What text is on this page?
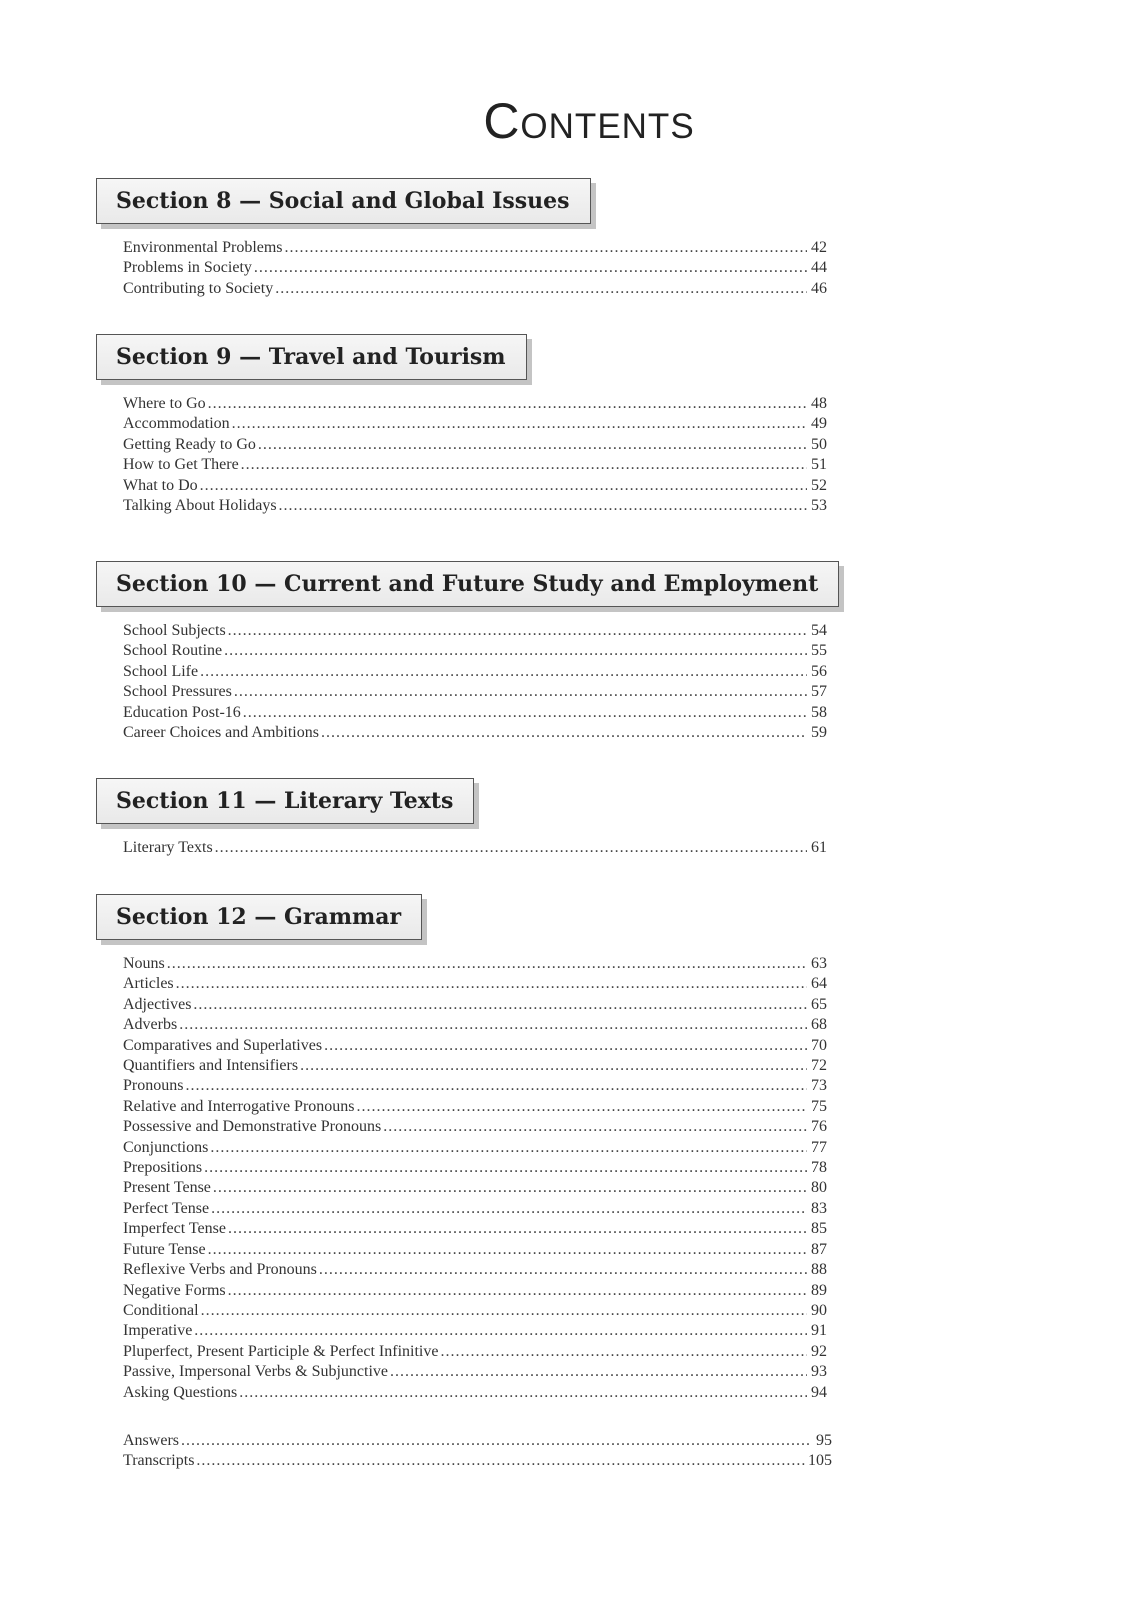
Contents
Section 8 — Social and Global Issues
Environmental Problems .....	42
Problems in Society .....	44
Contributing to Society .....	46
Section 9 — Travel and Tourism
Where to Go .....	48
Accommodation .....	49
Getting Ready to Go .....	50
How to Get There .....	51
What to Do .....	52
Talking About Holidays .....	53
Section 10 — Current and Future Study and Employment
School Subjects .....	54
School Routine .....	55
School Life .....	56
School Pressures .....	57
Education Post-16 .....	58
Career Choices and Ambitions .....	59
Section 11 — Literary Texts
Literary Texts .....	61
Section 12 — Grammar
Nouns .....	63
Articles .....	64
Adjectives .....	65
Adverbs .....	68
Comparatives and Superlatives .....	70
Quantifiers and Intensifiers .....	72
Pronouns .....	73
Relative and Interrogative Pronouns .....	75
Possessive and Demonstrative Pronouns .....	76
Conjunctions .....	77
Prepositions .....	78
Present Tense .....	80
Perfect Tense .....	83
Imperfect Tense .....	85
Future Tense .....	87
Reflexive Verbs and Pronouns .....	88
Negative Forms .....	89
Conditional .....	90
Imperative .....	91
Pluperfect, Present Participle & Perfect Infinitive .....	92
Passive, Impersonal Verbs & Subjunctive .....	93
Asking Questions .....	94
Answers .....	95
Transcripts .....	105
